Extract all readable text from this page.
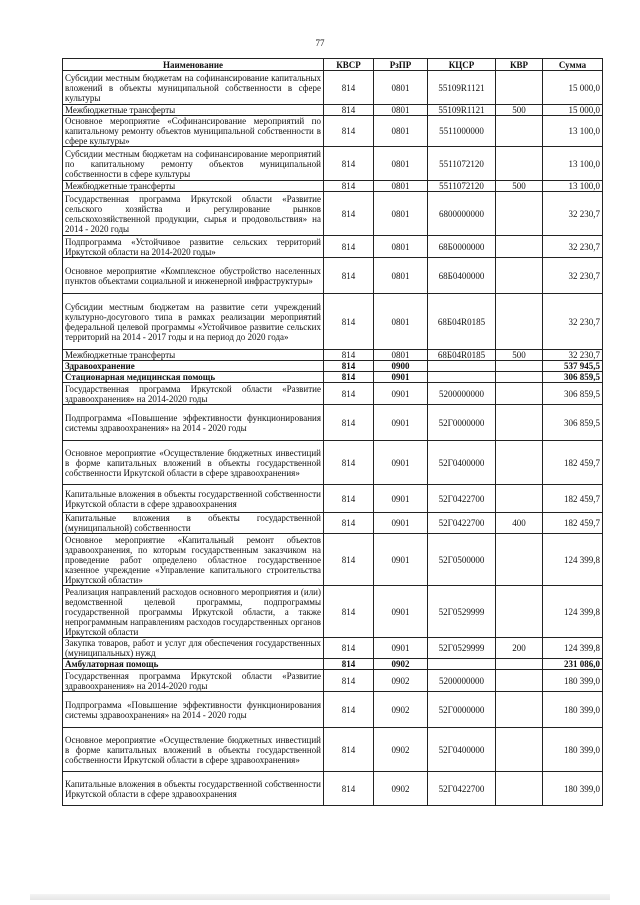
77
Наименование	КВСР	РзПР	КЦСР	КВР	Сумма
Субсидии местным бюджетам на софинансирование капитальных вложений в объекты муниципальной собственности в сфере культуры	814	0801	55109R1121		15 000,0
Межбюджетные трансферты	814	0801	55109R1121	500	15 000,0
Основное мероприятие «Софинансирование мероприятий по капитальному ремонту объектов муниципальной собственности в сфере культуры»	814	0801	5511000000		13 100,0
Субсидии местным бюджетам на софинансирование мероприятий по капитальному ремонту объектов муниципальной собственности в сфере культуры	814	0801	5511072120		13 100,0
Межбюджетные трансферты	814	0801	5511072120	500	13 100,0
Государственная программа Иркутской области «Развитие сельского хозяйства и регулирование рынков сельскохозяйственной продукции, сырья и продовольствия» на 2014 - 2020 годы	814	0801	6800000000		32 230,7
Подпрограмма «Устойчивое развитие сельских территорий Иркутской области на 2014-2020 годы»	814	0801	68Б0000000		32 230,7
Основное мероприятие «Комплексное обустройство населенных пунктов объектами социальной и инженерной инфраструктуры»	814	0801	68Б0400000		32 230,7
Субсидии местным бюджетам на развитие сети учреждений культурно-досугового типа в рамках реализации мероприятий федеральной целевой программы «Устойчивое развитие сельских территорий на 2014 - 2017 годы и на период до 2020 года»	814	0801	68Б04R0185		32 230,7
Межбюджетные трансферты	814	0801	68Б04R0185	500	32 230,7
Здравоохранение	814	0900			537 945,5
Стационарная медицинская помощь	814	0901			306 859,5
Государственная программа Иркутской области «Развитие здравоохранения» на 2014-2020 годы	814	0901	5200000000		306 859,5
Подпрограмма «Повышение эффективности функционирования системы здравоохранения» на 2014 - 2020 годы	814	0901	52Г0000000		306 859,5
Основное мероприятие «Осуществление бюджетных инвестиций в форме капитальных вложений в объекты государственной собственности Иркутской области в сфере здравоохранения»	814	0901	52Г0400000		182 459,7
Капитальные вложения в объекты государственной собственности Иркутской области в сфере здравоохранения	814	0901	52Г0422700		182 459,7
Капитальные вложения в объекты государственной (муниципальной) собственности	814	0901	52Г0422700	400	182 459,7
Основное мероприятие «Капитальный ремонт объектов здравоохранения, по которым государственным заказчиком на проведение работ определено областное государственное казенное учреждение «Управление капитального строительства Иркутской области»	814	0901	52Г0500000		124 399,8
Реализация направлений расходов основного мероприятия и (или) ведомственной целевой программы, подпрограммы государственной программы Иркутской области, а также непрограммным направлениям расходов государственных органов Иркутской области	814	0901	52Г0529999		124 399,8
Закупка товаров, работ и услуг для обеспечения государственных (муниципальных) нужд	814	0901	52Г0529999	200	124 399,8
Амбулаторная помощь	814	0902			231 086,0
Государственная программа Иркутской области «Развитие здравоохранения» на 2014-2020 годы	814	0902	5200000000		180 399,0
Подпрограмма «Повышение эффективности функционирования системы здравоохранения» на 2014 - 2020 годы	814	0902	52Г0000000		180 399,0
Основное мероприятие «Осуществление бюджетных инвестиций в форме капитальных вложений в объекты государственной собственности Иркутской области в сфере здравоохранения»	814	0902	52Г0400000		180 399,0
Капитальные вложения в объекты государственной собственности Иркутской области в сфере здравоохранения	814	0902	52Г0422700		180 399,0
